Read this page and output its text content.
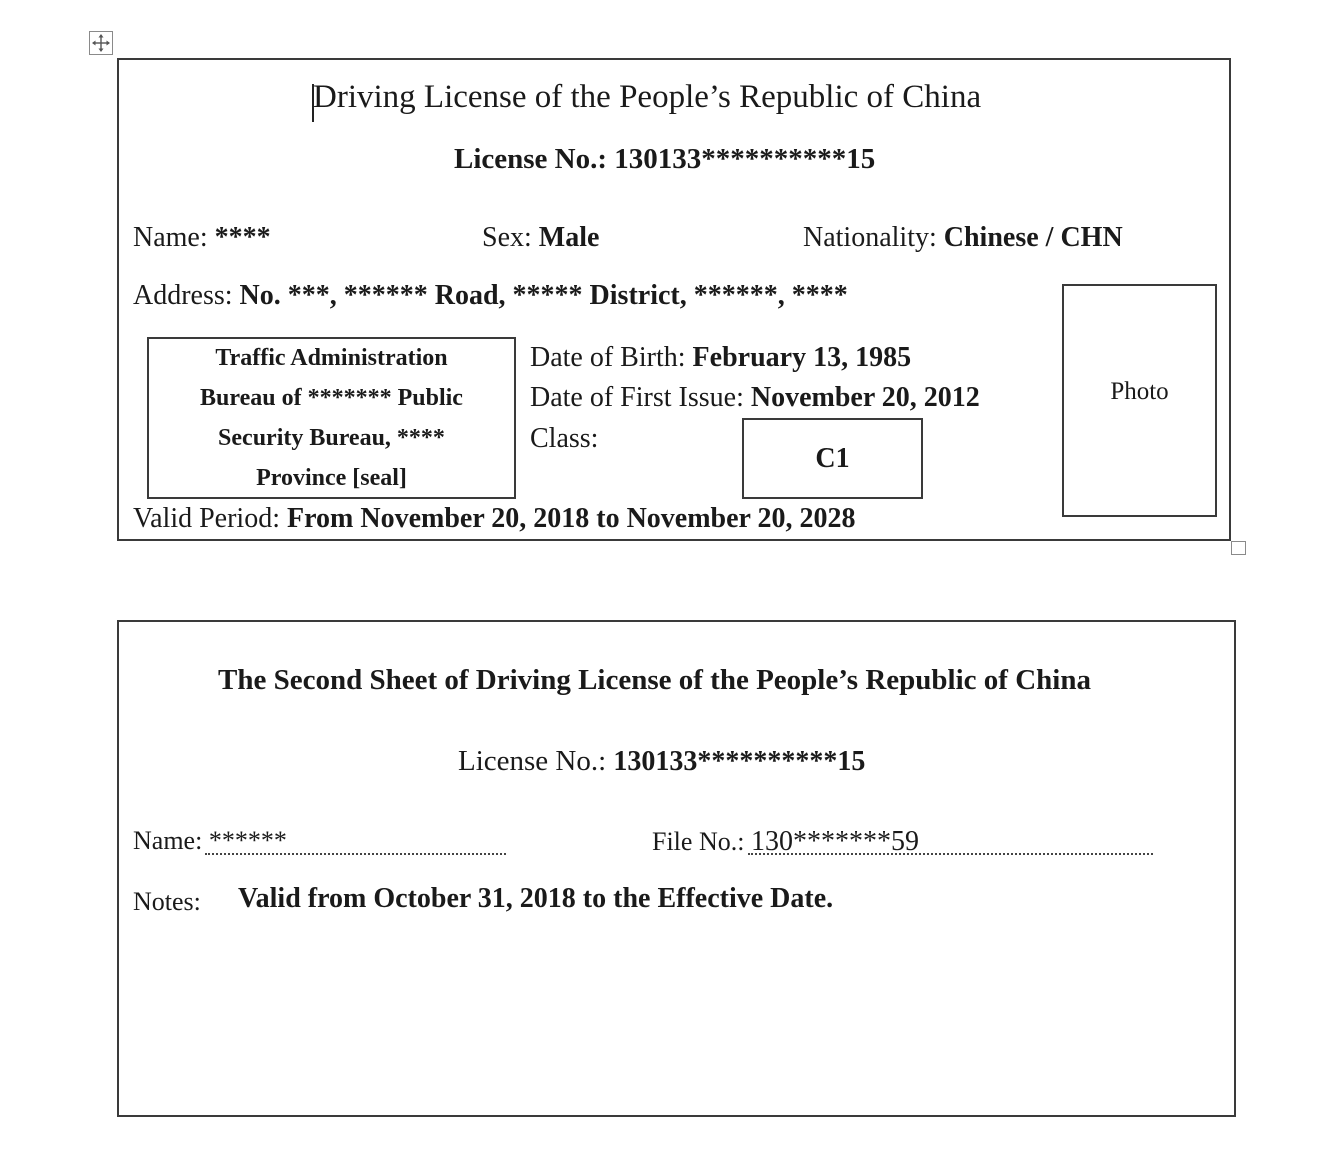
Driving License of the People’s Republic of China
License No.: 130133**********15
Name: ****	Sex: Male	Nationality: Chinese / CHN
Address: No. ***, ****** Road, ***** District, ******, ****
Traffic Administration
Bureau of ******* Public
Security Bureau, ****
Province [seal]
Date of Birth: February 13, 1985
Date of First Issue: November 20, 2012
Class:
C1
Photo
Valid Period: From November 20, 2018 to November 20, 2028
The Second Sheet of Driving License of the People’s Republic of China
License No.: 130133**********15
Name: ******	File No.: 130*******59
Notes: Valid from October 31, 2018 to the Effective Date.
